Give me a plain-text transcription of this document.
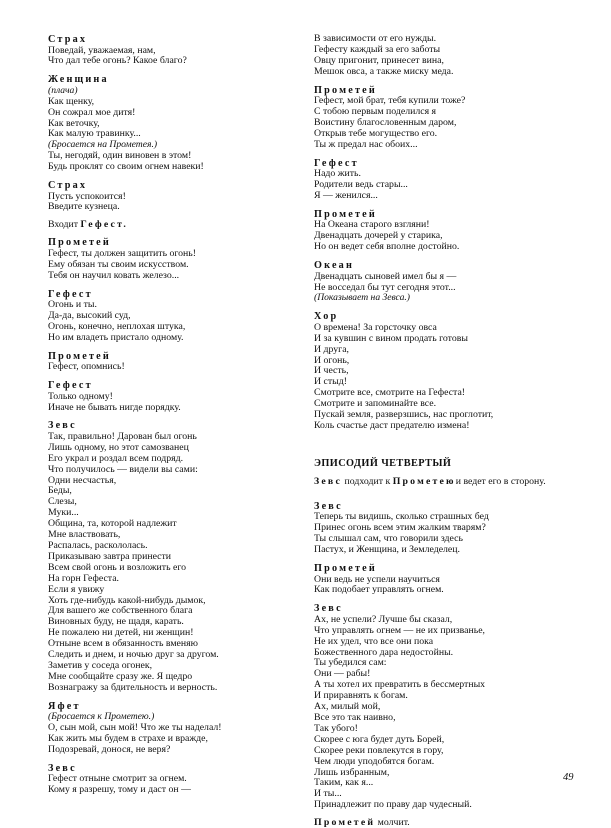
Страх
Поведай, уважаемая, нам,
Что дал тебе огонь? Какое благо?
Женщина
(плача)
Как щенку,
Он сожрал мое дитя!
Как веточку,
Как малую травинку...
(Бросается на Прометея.)
Ты, негодяй, один виновен в этом!
Будь проклят со своим огнем навеки!
Страх
Пусть успокоится!
Введите кузнеца.
Входит Гефест.
Прометей
Гефест, ты должен защитить огонь!
Ему обязан ты своим искусством.
Тебя он научил ковать железо...
Гефест
Огонь и ты.
Да-да, высокий суд,
Огонь, конечно, неплохая штука,
Но им владеть пристало одному.
Прометей
Гефест, опомнись!
Гефест
Только одному!
Иначе не бывать нигде порядку.
Зевс
Так, правильно! Дарован был огонь
Лишь одному, но этот самозванец
Его украл и роздал всем подряд.
Что получилось — видели вы сами:
Одни несчастья,
Беды,
Слезы,
Муки...
Община, та, которой надлежит
Мне властвовать,
Распалась, раскололась.
Приказываю завтра принести
Всем свой огонь и возложить его
На горн Гефеста.
Если я увижу
Хоть где-нибудь какой-нибудь дымок,
Для вашего же собственного блага
Виновных буду, не щадя, карать.
Не пожалею ни детей, ни женщин!
Отныне всем в обязанность вменяю
Следить и днем, и ночью друг за другом.
Заметив у соседа огонек,
Мне сообщайте сразу же. Я щедро
Вознагражу за бдительность и верность.
Яфет
(Бросается к Прометею.)
О, сын мой, сын мой! Что же ты наделал!
Как жить мы будем в страхе и вражде,
Подозревай, донося, не веря?
Зевс
Гефест отныне смотрит за огнем.
Кому я разрешу, тому и даст он —
В зависимости от его нужды.
Гефесту каждый за его заботы
Овцу пригонит, принесет вина,
Мешок овса, а также миску меда.
Прометей
Гефест, мой брат, тебя купили тоже?
С тобою первым поделился я
Воистину благословенным даром,
Открыв тебе могущество его.
Ты ж предал нас обоих...
Гефест
Надо жить.
Родители ведь стары...
Я — женился...
Прометей
На Океана старого взгляни!
Двенадцать дочерей у старика,
Но он ведет себя вполне достойно.
Океан
Двенадцать сыновей имел бы я —
Не восседал бы тут сегодня этот...
(Показывает на Зевса.)
Хор
О времена! За горсточку овса
И за кувшин с вином продать готовы
И друга,
И огонь,
И честь,
И стыд!
Смотрите все, смотрите на Гефеста!
Смотрите и запоминайте все.
Пускай земля, разверзшись, нас проглотит,
Коль счастье даст предателю измена!
ЭПИСОДИЙ ЧЕТВЕРТЫЙ
Зевс подходит к Прометеюи ведет его в сторону.
Зевс
Теперь ты видишь, сколько страшных бед
Принес огонь всем этим жалким тварям?
Ты слышал сам, что говорили здесь
Пастух, и Женщина, и Земледелец.
Прометей
Они ведь не успели научиться
Как подобает управлять огнем.
Зевс
Ах, не успели? Лучше бы сказал,
Что управлять огнем — не их призванье,
Не их удел, что все они пока
Божественного дара недостойны.
Ты убедился сам:
Они — рабы!
А ты хотел их превратить в бессмертных
И приравнять к богам.
Ах, милый мой,
Все это так наивно,
Так убого!
Скорее с юга будет дуть Борей,
Скорее реки повлекутся в гору,
Чем люди уподобятся богам.
Лишь избранным,
Таким, как я...
И ты...
Принадлежит по праву дар чудесный.
Прометей молчит.
49
